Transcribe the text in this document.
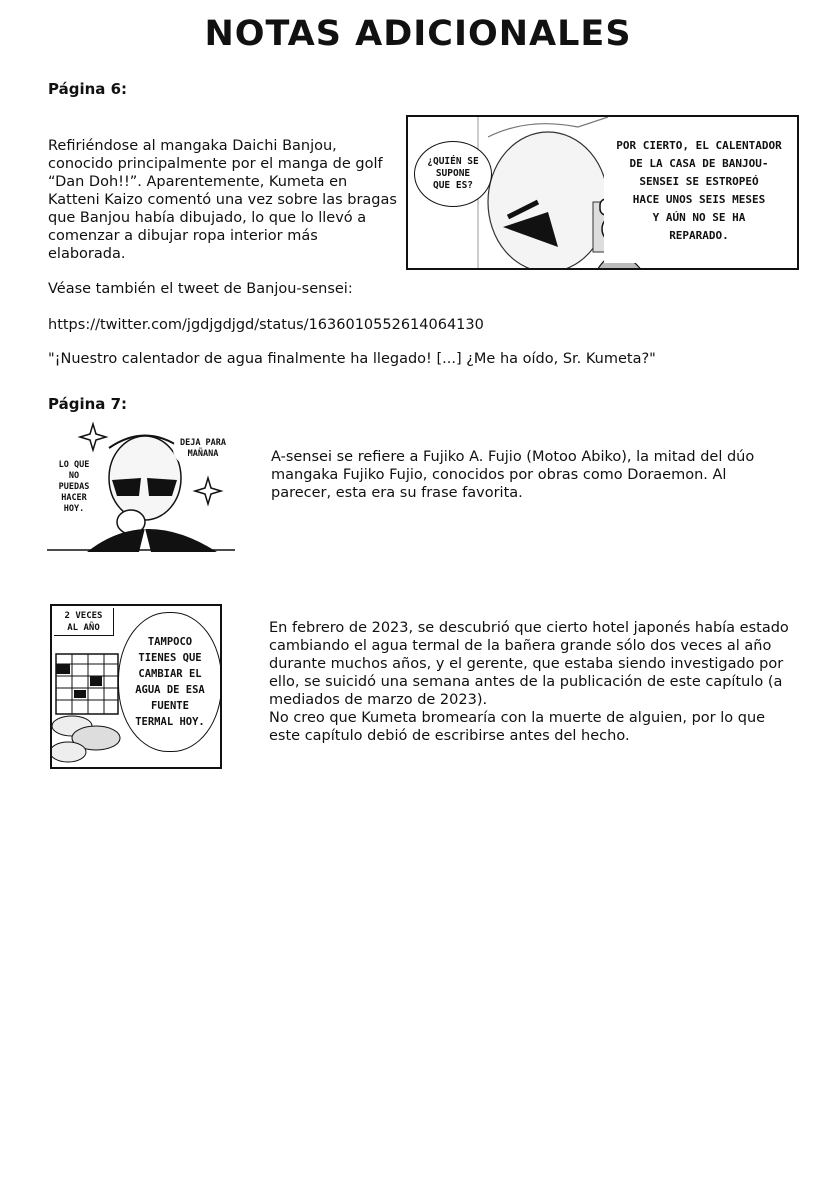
NOTAS ADICIONALES
Página 6:

Refiriéndose al mangaka Daichi Banjou, conocido principalmente por el manga de golf “Dan Doh!!”. Aparentemente, Kumeta en Katteni Kaizo comentó una vez sobre las bragas que Banjou había dibujado, lo que lo llevó a comenzar a dibujar ropa interior más elaborada.

¿QUIÉN SE
SUPONE
QUE ES?
POR CIERTO, EL CALENTADOR
DE LA CASA DE BANJOU-
SENSEI SE ESTROPEÓ
HACE UNOS SEIS MESES
Y AÚN NO SE HA
REPARADO.

Véase también el tweet de Banjou-sensei:

https://twitter.com/jgdjgdjgd/status/1636010552614064130

"¡Nuestro calentador de agua finalmente ha llegado! [...] ¿Me ha oído, Sr. Kumeta?"

Página 7:
DEJA PARA
MAÑANA
LO QUE
NO
PUEDAS
HACER
HOY.

A-sensei se refiere a Fujiko A. Fujio (Motoo Abiko), la mitad del dúo mangaka Fujiko Fujio, conocidos por obras como Doraemon. Al parecer, esta era su frase favorita.

2 VECES
AL AÑO
TAMPOCO
TIENES QUE
CAMBIAR EL
AGUA DE ESA
FUENTE
TERMAL HOY.

En febrero de 2023, se descubrió que cierto hotel japonés había estado cambiando el agua termal de la bañera grande sólo dos veces al año durante muchos años, y el gerente, que estaba siendo investigado por ello, se suicidó una semana antes de la publicación de este capítulo (a mediados de marzo de 2023).

No creo que Kumeta bromearía con la muerte de alguien, por lo que este capítulo debió de escribirse antes del hecho.
